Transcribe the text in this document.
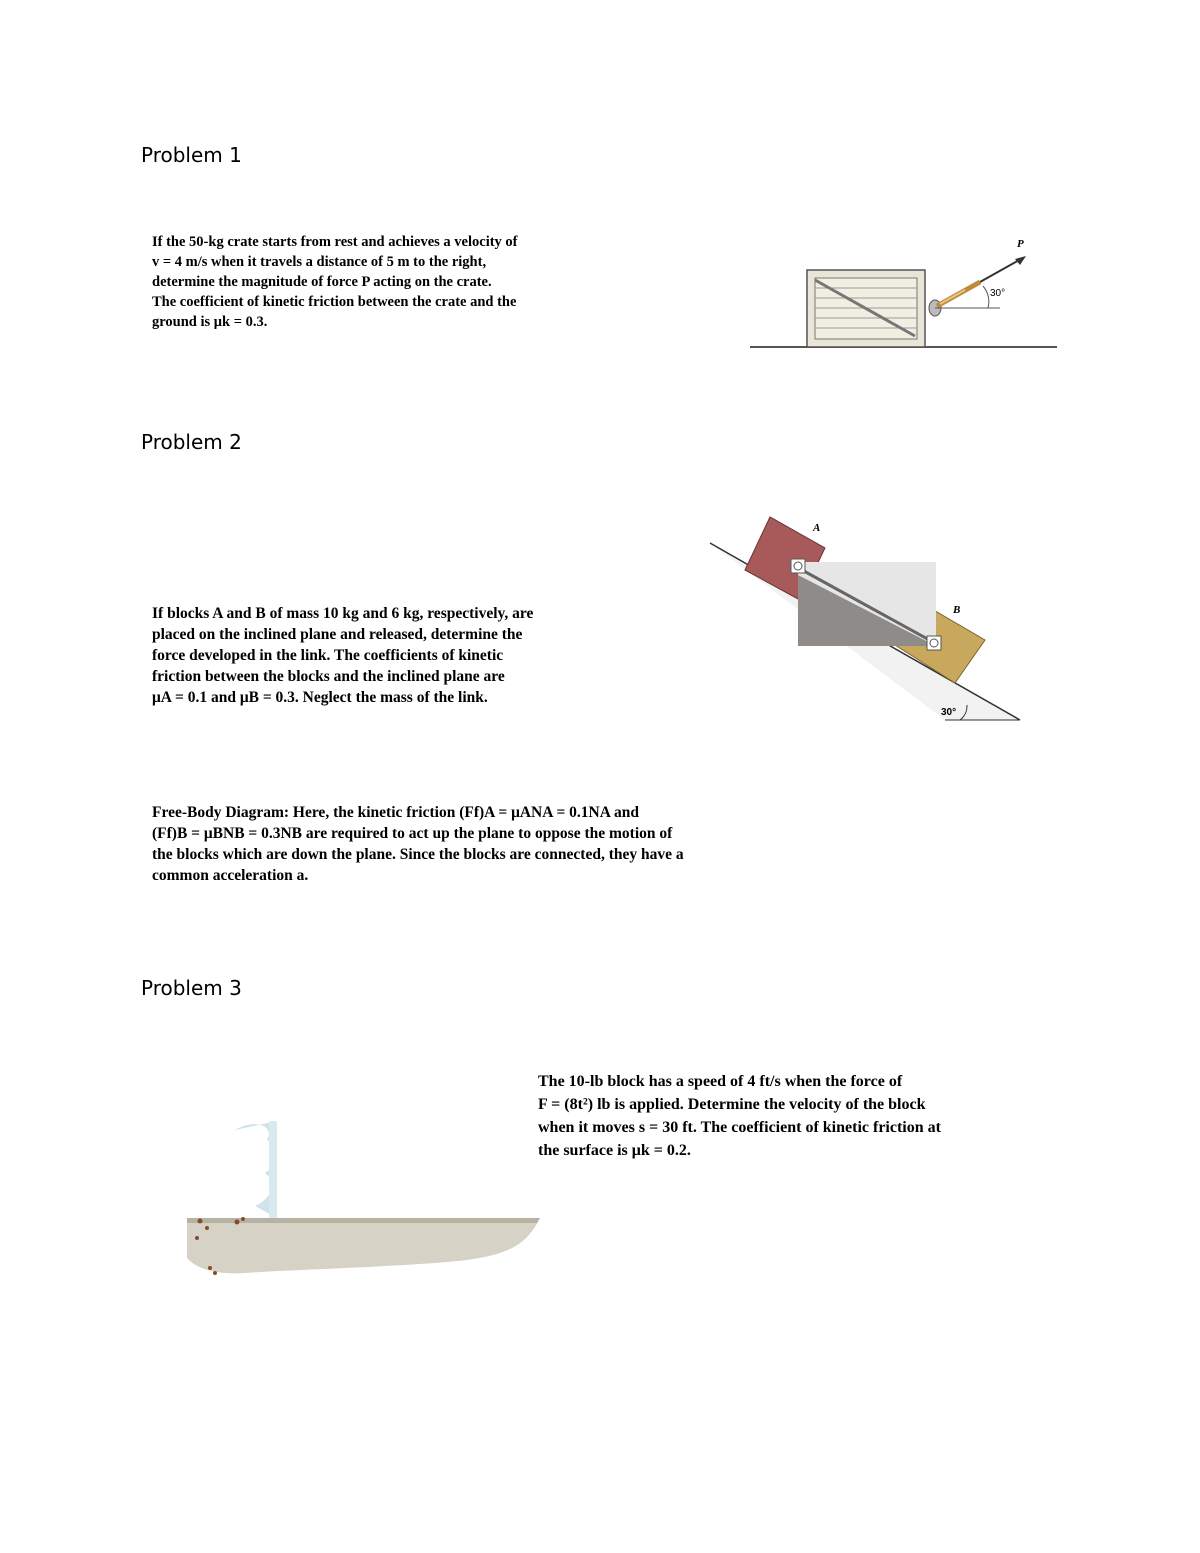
Problem 1
If the 50-kg crate starts from rest and achieves a velocity of
v = 4 m/s when it travels a distance of 5 m to the right,
determine the magnitude of force P acting on the crate.
The coefficient of kinetic friction between the crate and the
ground is μk = 0.3.
P
30°
Problem 2
If blocks A and B of mass 10 kg and 6 kg, respectively, are
placed on the inclined plane and released, determine the
force developed in the link. The coefficients of kinetic
friction between the blocks and the inclined plane are
μA = 0.1 and μB = 0.3. Neglect the mass of the link.
A
B
30°
Free-Body Diagram: Here, the kinetic friction (Ff)A = μANA = 0.1NA and
(Ff)B = μBNB = 0.3NB are required to act up the plane to oppose the motion of
the blocks which are down the plane. Since the blocks are connected, they have a
common acceleration a.
Problem 3
The 10-lb block has a speed of 4 ft/s when the force of
F = (8t²) lb is applied. Determine the velocity of the block
when it moves s = 30 ft. The coefficient of kinetic friction at
the surface is μk = 0.2.
